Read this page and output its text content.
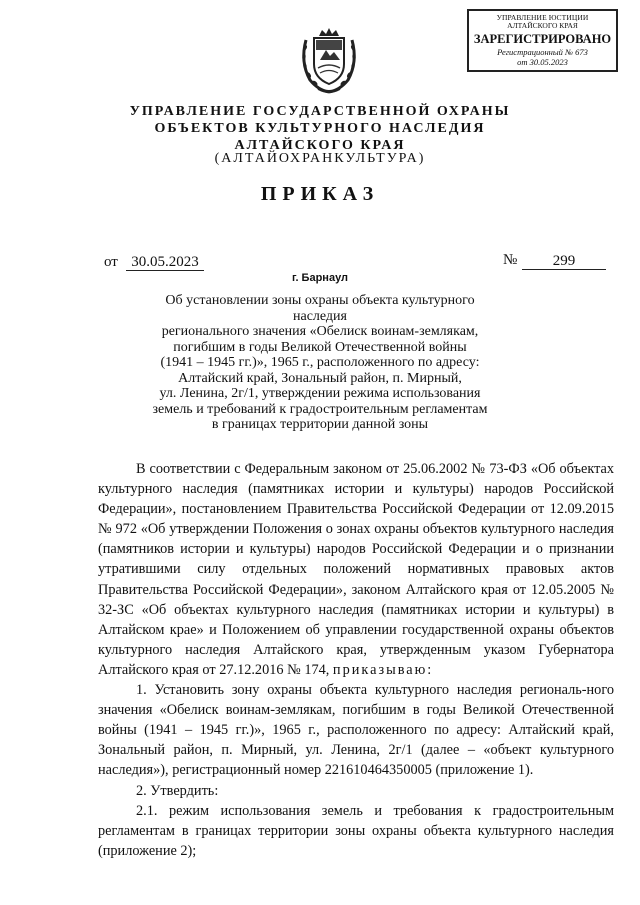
УПРАВЛЕНИЕ ЮСТИЦИИ
АЛТАЙСКОГО КРАЯ
ЗАРЕГИСТРИРОВАНО
Регистрационный № 673
от 30.05.2023
УПРАВЛЕНИЕ ГОСУДАРСТВЕННОЙ ОХРАНЫ
ОБЪЕКТОВ КУЛЬТУРНОГО НАСЛЕДИЯ
АЛТАЙСКОГО КРАЯ
(АЛТАЙОХРАНКУЛЬТУРА)
ПРИКАЗ
от 30.05.2023	№	299
г. Барнаул
Об установлении зоны охраны объекта культурного наследия
регионального значения «Обелиск воинам-землякам,
погибшим в годы Великой Отечественной войны
(1941 – 1945 гг.)», 1965 г., расположенного по адресу:
Алтайский край, Зональный район, п. Мирный,
ул. Ленина, 2г/1, утверждении режима использования
земель и требований к градостроительным регламентам
в границах территории данной зоны

В соответствии с Федеральным законом от 25.06.2002 № 73-ФЗ «Об объектах культурного наследия (памятниках истории и культуры) народов Российской Федерации», постановлением Правительства Российской Федерации от 12.09.2015 № 972 «Об утверждении Положения о зонах охраны объектов культурного наследия (памятников истории и культуры) народов Российской Федерации и о признании утратившими силу отдельных положений нормативных правовых актов Правительства Российской Федерации», законом Алтайского края от 12.05.2005 № 32-ЗС «Об объектах культурного наследия (памятниках истории и культуры) в Алтайском крае» и Положением об управлении государственной охраны объектов культурного наследия Алтайского края, утвержденным указом Губернатора Алтайского края от 27.12.2016 № 174, приказываю:

1. Установить зону охраны объекта культурного наследия региональ-ного значения «Обелиск воинам-землякам, погибшим в годы Великой Отечественной войны (1941 – 1945 гг.)», 1965 г., расположенного по адресу: Алтайский край, Зональный район, п. Мирный, ул. Ленина, 2г/1 (далее – «объект культурного наследия»), регистрационный номер 221610464350005 (приложение 1).

2. Утвердить:

2.1. режим использования земель и требования к градостроительным регламентам в границах территории зоны охраны объекта культурного наследия (приложение 2);
